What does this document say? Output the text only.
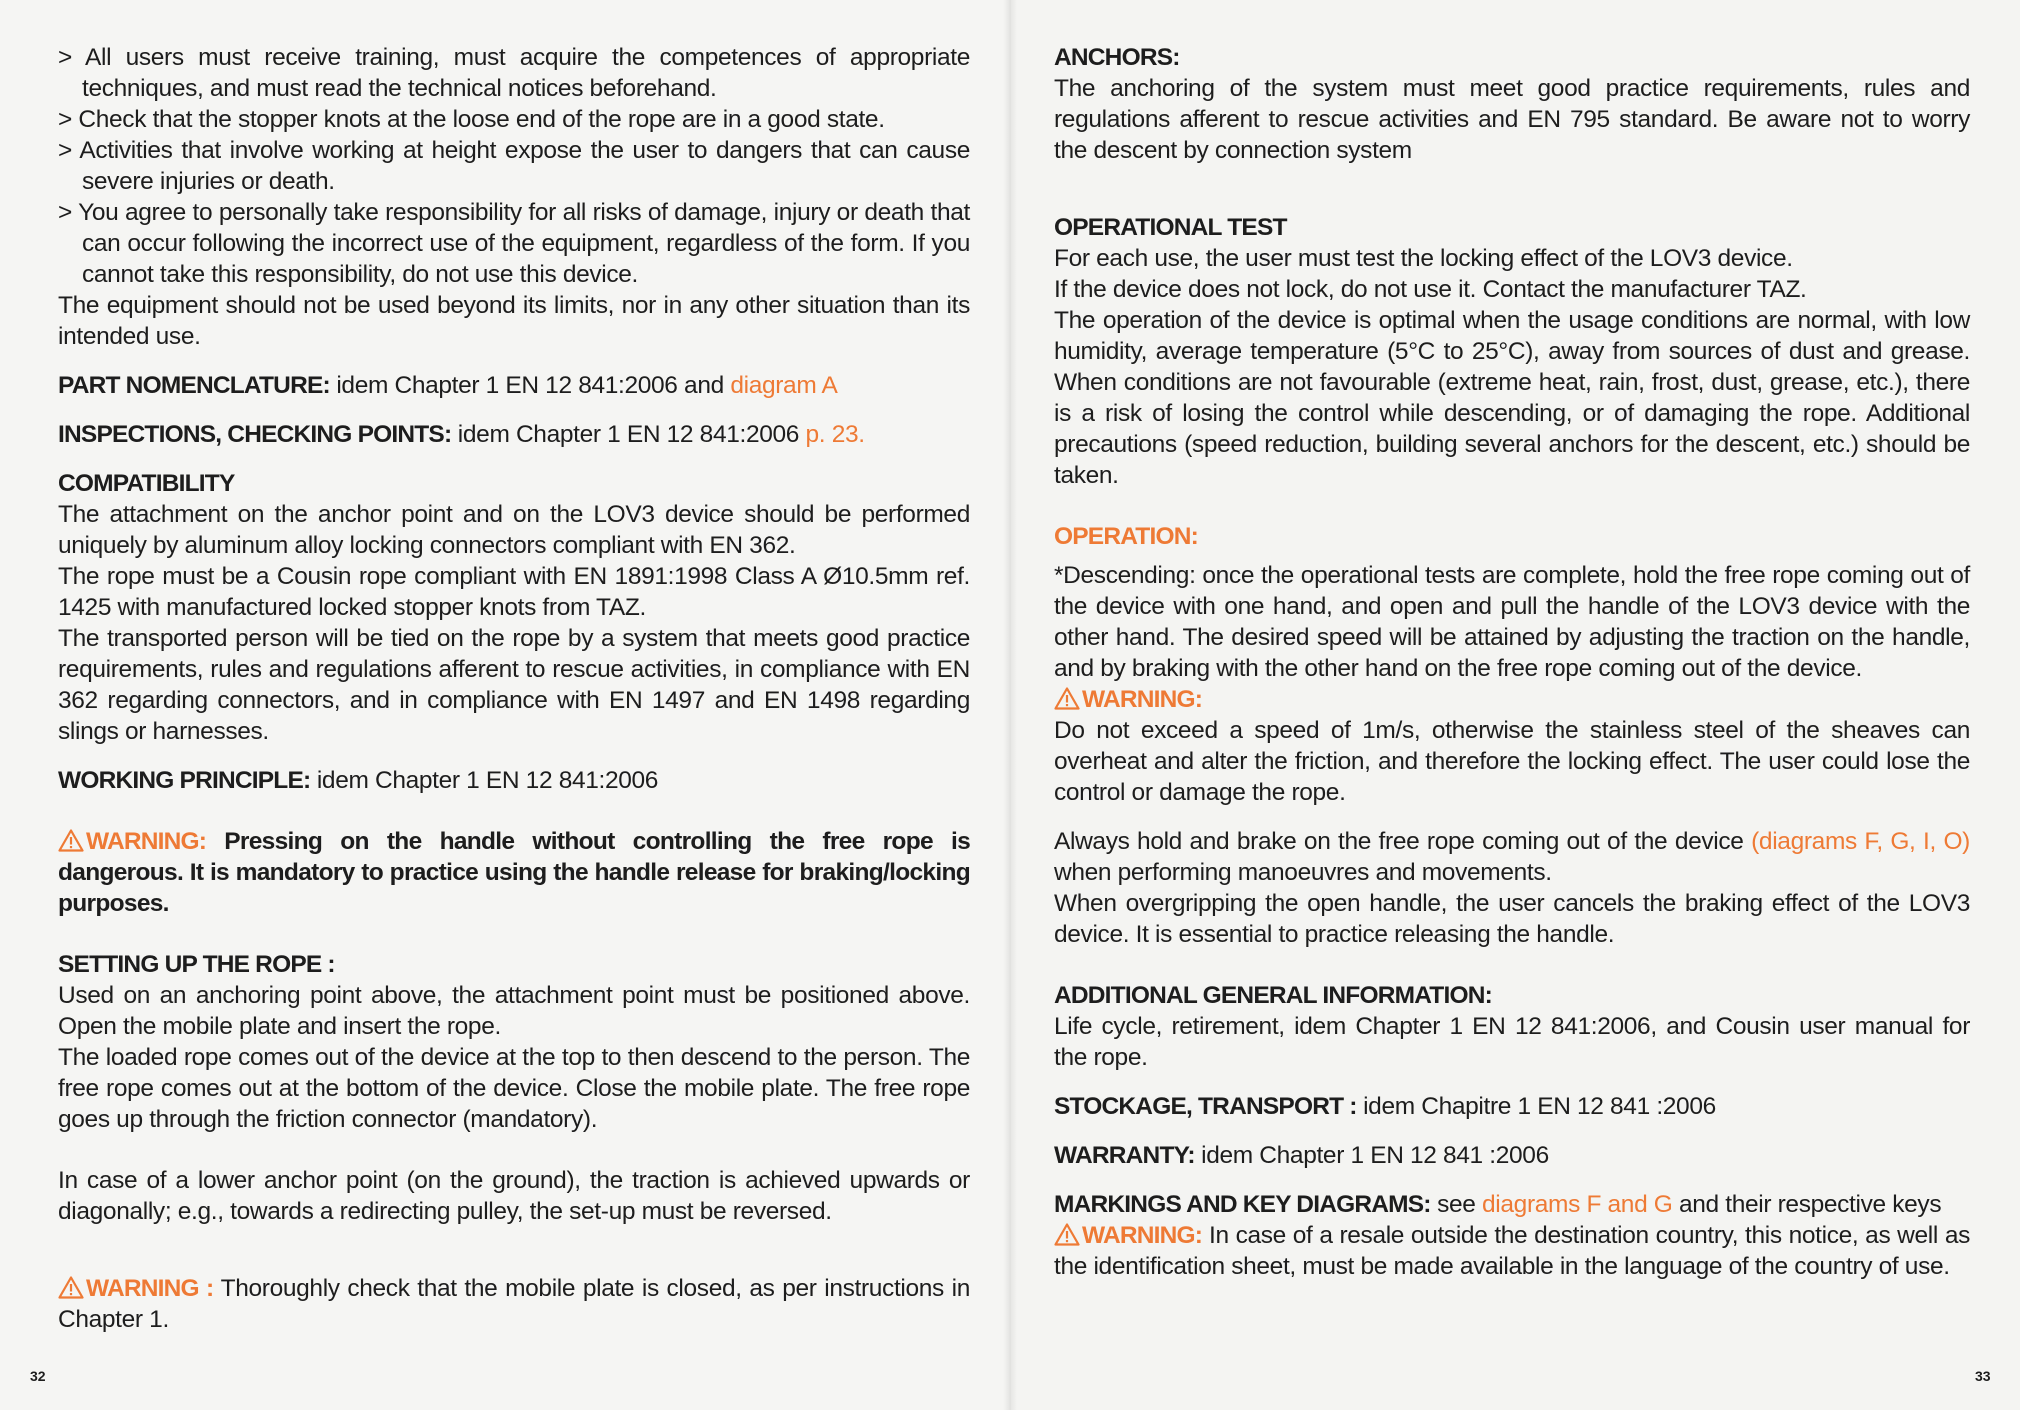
> All users must receive training, must acquire the competences of appropriate techniques, and must read the technical notices beforehand.

> Check that the stopper knots at the loose end of the rope are in a good state.

> Activities that involve working at height expose the user to dangers that can cause severe injuries or death.

> You agree to personally take responsibility for all risks of damage, injury or death that can occur following the incorrect use of the equipment, regardless of the form. If you cannot take this responsibility, do not use this device.

The equipment should not be used beyond its limits, nor in any other situation than its intended use.

PART NOMENCLATURE: idem Chapter 1 EN 12 841:2006 and diagram A

INSPECTIONS, CHECKING POINTS: idem Chapter 1 EN 12 841:2006 p. 23.

COMPATIBILITY

The attachment on the anchor point and on the LOV3 device should be performed uniquely by aluminum alloy locking connectors compliant with EN 362.

The rope must be a Cousin rope compliant with EN 1891:1998 Class A Ø10.5mm ref. 1425 with manufactured locked stopper knots from TAZ.

The transported person will be tied on the rope by a system that meets good practice requirements, rules and regulations afferent to rescue activities, in compliance with EN 362 regarding connectors, and in compliance with EN 1497 and EN 1498 regarding slings or harnesses.

WORKING PRINCIPLE: idem Chapter 1 EN 12 841:2006

WARNING: Pressing on the handle without controlling the free rope is dangerous. It is mandatory to practice using the handle release for braking/locking purposes.

SETTING UP THE ROPE :

Used on an anchoring point above, the attachment point must be positioned above. Open the mobile plate and insert the rope.

The loaded rope comes out of the device at the top to then descend to the person. The free rope comes out at the bottom of the device. Close the mobile plate. The free rope goes up through the friction connector (mandatory).

In case of a lower anchor point (on the ground), the traction is achieved upwards or diagonally; e.g., towards a redirecting pulley, the set-up must be reversed.

WARNING : Thoroughly check that the mobile plate is closed, as per instructions in Chapter 1.

32

ANCHORS:

The anchoring of the system must meet good practice requirements, rules and regulations afferent to rescue activities and EN 795 standard. Be aware not to worry the descent by connection system

OPERATIONAL TEST

For each use, the user must test the locking effect of the LOV3 device.

If the device does not lock, do not use it. Contact the manufacturer TAZ.

The operation of the device is optimal when the usage conditions are normal, with low humidity, average temperature (5°C to 25°C), away from sources of dust and grease. When conditions are not favourable (extreme heat, rain, frost, dust, grease, etc.), there is a risk of losing the control while descending, or of damaging the rope. Additional precautions (speed reduction, building several anchors for the descent, etc.) should be taken.

OPERATION:

*Descending: once the operational tests are complete, hold the free rope coming out of the device with one hand, and open and pull the handle of the LOV3 device with the other hand. The desired speed will be attained by adjusting the traction on the handle, and by braking with the other hand on the free rope coming out of the device.

WARNING:

Do not exceed a speed of 1m/s, otherwise the stainless steel of the sheaves can overheat and alter the friction, and therefore the locking effect. The user could lose the control or damage the rope.

Always hold and brake on the free rope coming out of the device (diagrams F, G, I, O) when performing manoeuvres and movements.

When overgripping the open handle, the user cancels the braking effect of the LOV3 device. It is essential to practice releasing the handle.

ADDITIONAL GENERAL INFORMATION:

Life cycle, retirement, idem Chapter 1 EN 12 841:2006, and Cousin user manual for the rope.

STOCKAGE, TRANSPORT : idem Chapitre 1 EN 12 841 :2006

WARRANTY: idem Chapter 1 EN 12 841 :2006

MARKINGS AND KEY DIAGRAMS: see diagrams F and G and their respective keys

WARNING: In case of a resale outside the destination country, this notice, as well as the identification sheet, must be made available in the language of the country of use.

33
